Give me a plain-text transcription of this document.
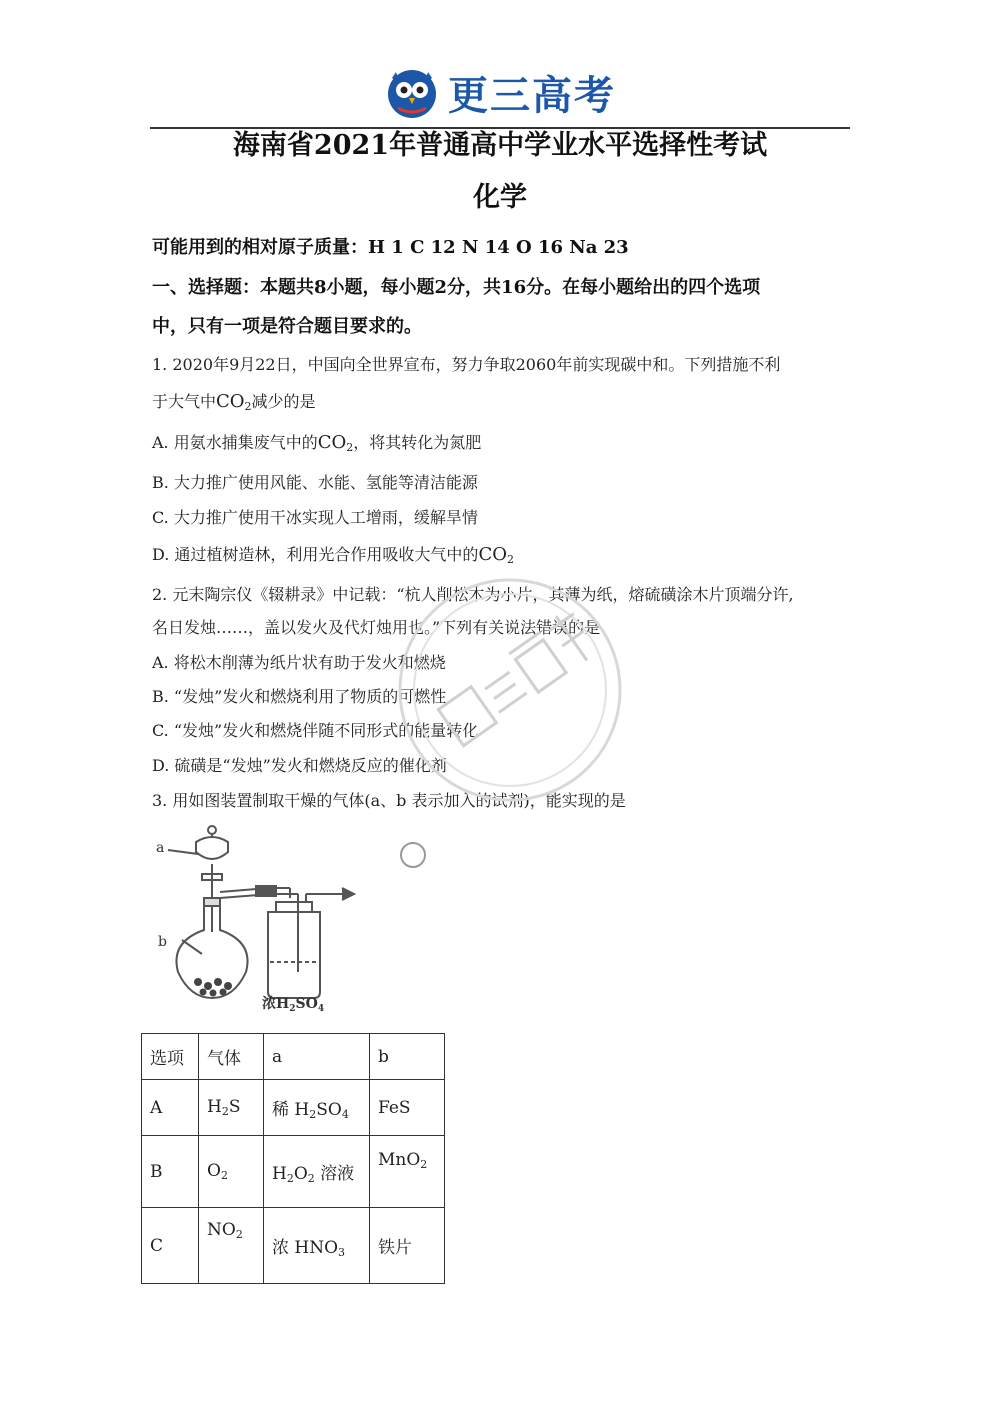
更三高考
海南省2021年普通高中学业水平选择性考试
化学
可能用到的相对原子质量：H 1 C 12 N 14 O 16 Na 23
一、选择题：本题共8小题，每小题2分，共16分。在每小题给出的四个选项
中，只有一项是符合题目要求的。
1. 2020年9月22日，中国向全世界宣布，努力争取2060年前实现碳中和。下列措施不利
于大气中$CO_2$减少的是
A. 用氨水捕集废气中的$CO_2$，将其转化为氮肥
B. 大力推广使用风能、水能、氢能等清洁能源
C. 大力推广使用干冰实现人工增雨，缓解旱情
D. 通过植树造林，利用光合作用吸收大气中的$CO_2$
2. 元末陶宗仪《辍耕录》中记载：“杭人削松木为小片，其薄为纸，熔硫磺涂木片顶端分许,
名日发烛……，盖以发火及代灯烛用也。”下列有关说法错误的是
A. 将松木削薄为纸片状有助于发火和燃烧
B. “发烛”发火和燃烧利用了物质的可燃性
C. “发烛”发火和燃烧伴随不同形式的能量转化
D. 硫磺是“发烛”发火和燃烧反应的催化剂
3. 用如图装置制取干燥的气体(a、b 表示加入的试剂)，能实现的是
a
b
浓$H_2SO_4$
选项	气体	a	b
A	$H_2S$	稀 $H_2SO_4$	FeS
B	$O_2$	$H_2O_2$ 溶液	MnO$_2$
C	$NO_2$	浓 $HNO_3$	铁片
